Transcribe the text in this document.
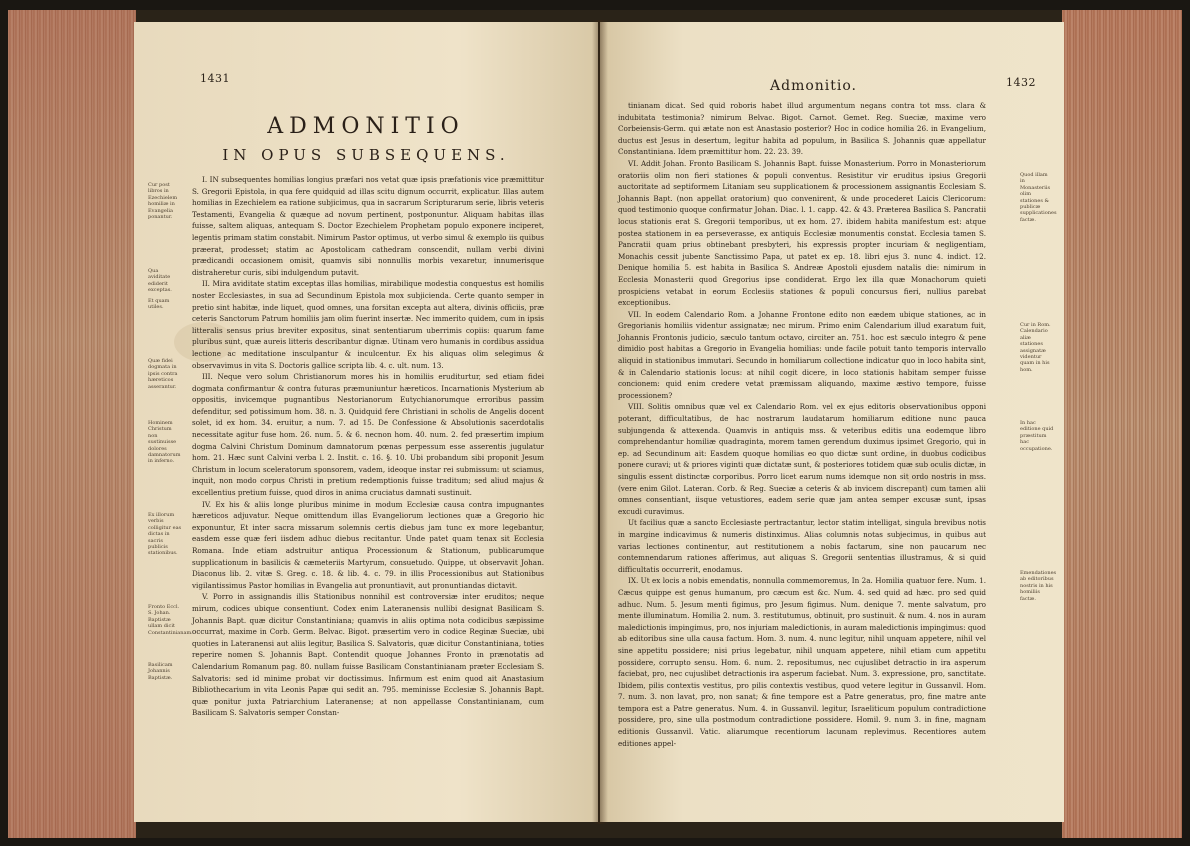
1431
ADMONITIO
IN OPUS SUBSEQUENS.
Cur post libros in Ezechielem homiliæ in Evangelia ponantur.
Qua aviditate ediderit exceptas.
Et quam utiles.
Quæ fidei dogmata in ipsis contra hæreticos asserantur.
Hominem Christum non sustinuisse dolores damnatorum in inferno.
Ex illorum verbis colligitur eas dictas in sacris publicis stationibus.
Fronto Eccl. S. Johan. Baptistæ ullam dicit Constantinianam.
Basilicam Johannis Baptistæ.

I. IN subsequentes homilias longius præfari nos vetat quæ ipsis præfationis vice præmittitur S. Gregorii Epistola, in qua fere quidquid ad illas scitu dignum occurrit, explicatur. Illas autem homilias in Ezechielem ea ratione subjicimus, qua in sacrarum Scripturarum serie, libris veteris Testamenti, Evangelia & quæque ad novum pertinent, postponuntur. Aliquam habitas illas fuisse, saltem aliquas, antequam S. Doctor Ezechielem Prophetam populo exponere inciperet, legentis primam statim constabit. Nimirum Pastor optimus, ut verbo simul & exemplo iis quibus præerat, prodesset; statim ac Apostolicam cathedram conscendit, nullam verbi divini prædicandi occasionem omisit, quamvis sibi nonnullis morbis vexaretur, innumerisque distraheretur curis, sibi indulgendum putavit.

II. Mira aviditate statim exceptas illas homilias, mirabilique modestia conquestus est homilis noster Ecclesiastes, in sua ad Secundinum Epistola mox subjicienda. Certe quanto semper in pretio sint habitæ, inde liquet, quod omnes, una forsitan excepta aut altera, divinis officiis, præ ceteris Sanctorum Patrum homiliis jam olim fuerint insertæ. Nec immerito quidem, cum in ipsis litteralis sensus prius breviter expositus, sinat sententiarum uberrimis copiis: quarum fame pluribus sunt, quæ aureis litteris describantur dignæ. Utinam vero humanis in cordibus assidua lectione ac meditatione insculpantur & inculcentur. Ex his aliquas olim selegimus & observavimus in vita S. Doctoris gallice scripta lib. 4. c. ult. num. 13.

III. Neque vero solum Christianorum mores his in homiliis eruditurtur, sed etiam fidei dogmata confirmantur & contra futuras præmuniuntur hæreticos. Incarnationis Mysterium ab oppositis, invicemque pugnantibus Nestorianorum Eutychianorumque erroribus passim defenditur, sed potissimum hom. 38. n. 3. Quidquid fere Christiani in scholis de Angelis docent solet, id ex hom. 34. eruitur, a num. 7. ad 15. De Confessione & Absolutionis sacerdotalis necessitate agitur fuse hom. 26. num. 5. & 6. necnon hom. 40. num. 2. fed præsertim impium dogma Calvini Christum Dominum damnatorum pœnas perpessum esse asserentis jugulatur hom. 21. Hæc sunt Calvini verba l. 2. Instit. c. 16. §. 10. Ubi probandum sibi proponit Jesum Christum in locum sceleratorum sponsorem, vadem, ideoque instar rei submissum: ut sciamus, inquit, non modo corpus Christi in pretium redemptionis fuisse traditum; sed aliud majus & excellentius pretium fuisse, quod diros in anima cruciatus damnati sustinuit.

IV. Ex his & aliis longe pluribus minime in modum Ecclesiæ causa contra impugnantes hæreticos adjuvatur. Neque omittendum illas Evangeliorum lectiones quæ a Gregorio hic exponuntur, Et inter sacra missarum solemnis certis diebus jam tunc ex more legebantur, easdem esse quæ feri iisdem adhuc diebus recitantur. Unde patet quam tenax sit Ecclesia Romana. Inde etiam adstruitur antiqua Processionum & Stationum, publicarumque supplicationum in basilicis & cæmeteriis Martyrum, consuetudo. Quippe, ut observavit Johan. Diaconus lib. 2. vitæ S. Greg. c. 18. & lib. 4. c. 79. in illis Processionibus aut Stationibus vigilantissimus Pastor homilias in Evangelia aut pronuntiavit, aut pronuntiandas dictavit.

V. Porro in assignandis illis Stationibus nonnihil est controversiæ inter eruditos; neque mirum, codices ubique consentiunt. Codex enim Lateranensis nullibi designat Basilicam S. Johannis Bapt. quæ dicitur Constantiniana; quamvis in aliis optima nota codicibus sæpissime occurrat, maxime in Corb. Germ. Belvac. Bigot. præsertim vero in codice Reginæ Sueciæ, ubi quoties in Lateranensi aut aliis legitur, Basilica S. Salvatoris, quæ dicitur Constantiniana, toties reperire nomen S. Johannis Bapt. Contendit quoque Johannes Fronto in prænotatis ad Calendarium Romanum pag. 80. nullam fuisse Basilicam Constantinianam præter Ecclesiam S. Salvatoris: sed id minime probat vir doctissimus. Infirmum est enim quod ait Anastasium Bibliothecarium in vita Leonis Papæ qui sedit an. 795. meminisse Ecclesiæ S. Johannis Bapt. quæ ponitur juxta Patriarchium Lateranense; at non appellasse Constantinianam, cum Basilicam S. Salvatoris semper Constan-

Admonitio.	1432

tinianam dicat. Sed quid roboris habet illud argumentum negans contra tot mss. clara & indubitata testimonia? nimirum Belvac. Bigot. Carnot. Gemet. Reg. Sueciæ, maxime vero Corbeiensis-Germ. qui ætate non est Anastasio posterior? Hoc in codice homilia 26. in Evangelium, ductus est Jesus in desertum, legitur habita ad populum, in Basilica S. Johannis quæ appellatur Constantiniana. Idem præmittitur hom. 22. 23. 39.

VI. Addit Johan. Fronto Basilicam S. Johannis Bapt. fuisse Monasterium. Porro in Monasteriorum oratoriis olim non fieri stationes & populi conventus. Resistitur vir eruditus ipsius Gregorii auctoritate ad septiformem Litaniam seu supplicationem & processionem assignantis Ecclesiam S. Johannis Bapt. (non appellat oratorium) quo convenirent, & unde procederet Laicis Clericorum: quod testimonio quoque confirmatur Johan. Diac. l. 1. capp. 42. & 43. Præterea Basilica S. Pancratii locus stationis erat S. Gregorii temporibus, ut ex hom. 27. ibidem habita manifestum est: atque postea stationem in ea perseverasse, ex antiquis Ecclesiæ monumentis constat. Ecclesia tamen S. Pancratii quam prius obtinebant presbyteri, his expressis propter incuriam & negligentiam, Monachis cessit jubente Sanctissimo Papa, ut patet ex ep. 18. libri ejus 3. nunc 4. indict. 12. Denique homilia 5. est habita in Basilica S. Andreæ Apostoli ejusdem natalis die: nimirum in Ecclesia Monasterii quod Gregorius ipse condiderat. Ergo lex illa quæ Monachorum quieti prospiciens vetabat in eorum Ecclesiis stationes & populi concursus fieri, nullius parebat exceptionibus.

VII. In eodem Calendario Rom. a Johanne Frontone edito non eædem ubique stationes, ac in Gregorianis homiliis videntur assignatæ; nec mirum. Primo enim Calendarium illud exaratum fuit, Johannis Frontonis judicio, sæculo tantum octavo, circiter an. 751. hoc est sæculo integro & pene dimidio post habitas a Gregorio in Evangelia homilias: unde facile potuit tanto temporis intervallo aliquid in stationibus immutari. Secundo in homiliarum collectione indicatur quo in loco habita sint, & in Calendario stationis locus: at nihil cogit dicere, in loco stationis habitam semper fuisse concionem: quid enim credere vetat præmissam aliquando, maxime æstivo tempore, fuisse processionem?

VIII. Solitis omnibus quæ vel ex Calendario Rom. vel ex ejus editoris observationibus opponi poterant, difficultatibus, de hac nostrarum laudatarum homiliarum editione nunc pauca subjungenda & attexenda. Quamvis in antiquis mss. & veteribus editis una eodemque libro comprehendantur homiliæ quadraginta, morem tamen gerendum duximus ipsimet Gregorio, qui in ep. ad Secundinum ait: Easdem quoque homilias eo quo dictæ sunt ordine, in duobus codicibus ponere curavi; ut & priores viginti quæ dictatæ sunt, & posteriores totidem quæ sub oculis dictæ, in singulis essent distinctæ corporibus. Porro licet earum nums idemque non sit ordo nostris in mss. (vere enim Gilot. Lateran. Corb. & Reg. Sueciæ a ceteris & ab invicem discrepant) cum tamen alii omnes consentiant, iisque vetustiores, eadem serie quæ jam antea semper excusæ sunt, ipsas excudi curavimus.

Ut facilius quæ a sancto Ecclesiaste pertractantur, lector statim intelligat, singula brevibus notis in margine indicavimus & numeris distinximus. Alias columnis notas subjecimus, in quibus aut varias lectiones continentur, aut restitutionem a nobis factarum, sine non paucarum nec contemnendarum rationes afferimus, aut aliquas S. Gregorii sententias illustramus, & si quid difficultatis occurrerit, enodamus.

IX. Ut ex locis a nobis emendatis, nonnulla commemoremus, In 2a. Homilia quatuor fere. Num. 1. Cæcus quippe est genus humanum, pro cæcum est &c. Num. 4. sed quid ad hæc. pro sed quid adhuc. Num. 5. Jesum menti figimus, pro Jesum figimus. Num. denique 7. mente salvatum, pro mente illuminatum. Homilia 2. num. 3. restitutumus, obtinuit, pro sustinuit. & num. 4. nos in auram maledictionis impingimus, pro, nos injuriam maledictionis, in auram maledictionis impingimus: quod ab editoribus sine ulla causa factum. Hom. 3. num. 4. nunc legitur, nihil unquam appetere, nihil vel sine appetitu possidere; nisi prius legebatur, nihil unquam appetere, nihil etiam cum appetitu possidere, corrupto sensu. Hom. 6. num. 2. repositumus, nec cujuslibet detractio in ira asperum faciebat, pro, nec cujuslibet detractionis ira asperum faciebat. Num. 3. expressione, pro, sanctitate. Ibidem, pilis contextis vestitus, pro pilis contextis vestibus, quod vetere legitur in Gussanvil. Hom. 7. num. 3. non lavat, pro, non sanat; & fine tempore est a Patre generatus, pro, fine matre ante tempora est a Patre generatus. Num. 4. in Gussanvil. legitur, Israeliticum populum contradictione possidere, pro, sine ulla postmodum contradictione possidere. Homil. 9. num 3. in fine, magnam editionis Gussanvil. Vatic. aliarumque recentiorum lacunam replevimus. Recentiores autem editiones appel-

Quod illam in Monasteriis olim stationes & publicæ supplicationes factæ.
Cur in Rom. Calendario aliæ stationes assignatæ videntur quam in his hom.
In hac editione quid præstitum hac occupatione.
Emendationes ab editoribus nostris in his homiliis factæ.
